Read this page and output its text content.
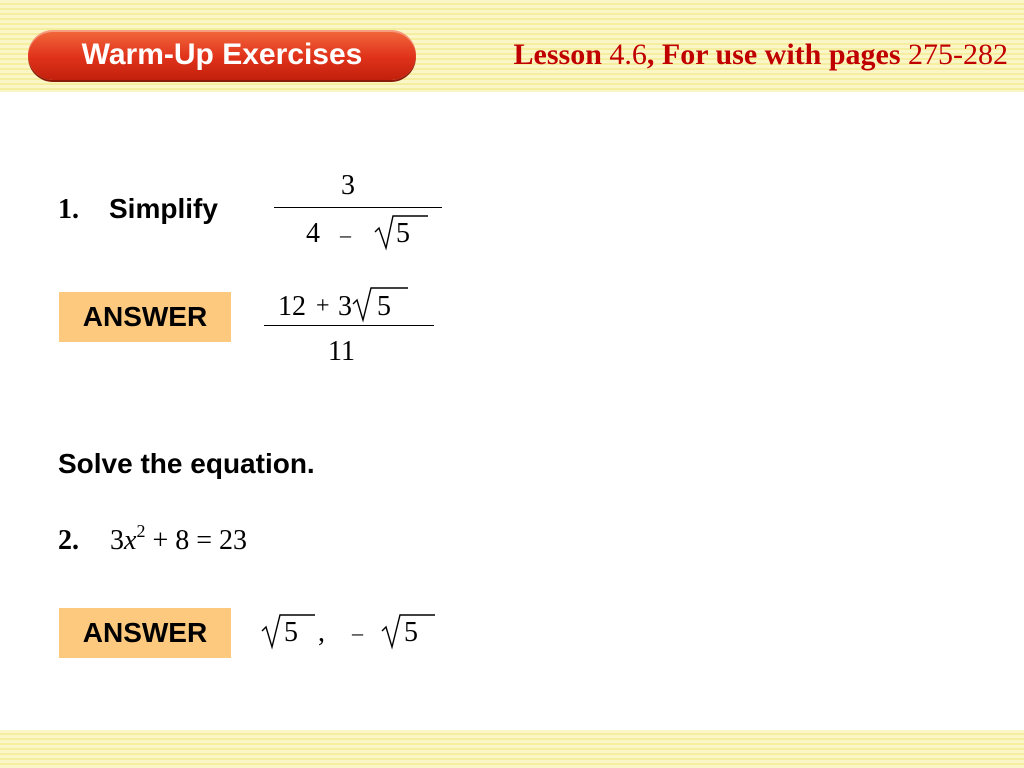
Warm-Up Exercises	Lesson 4.6, For use with pages 275-282
1. Simplify
3
4 – 5
ANSWER	12 + 3 5
11
Solve the equation.
2. $3x^2 + 8 = 23$
ANSWER	5 , – 5
